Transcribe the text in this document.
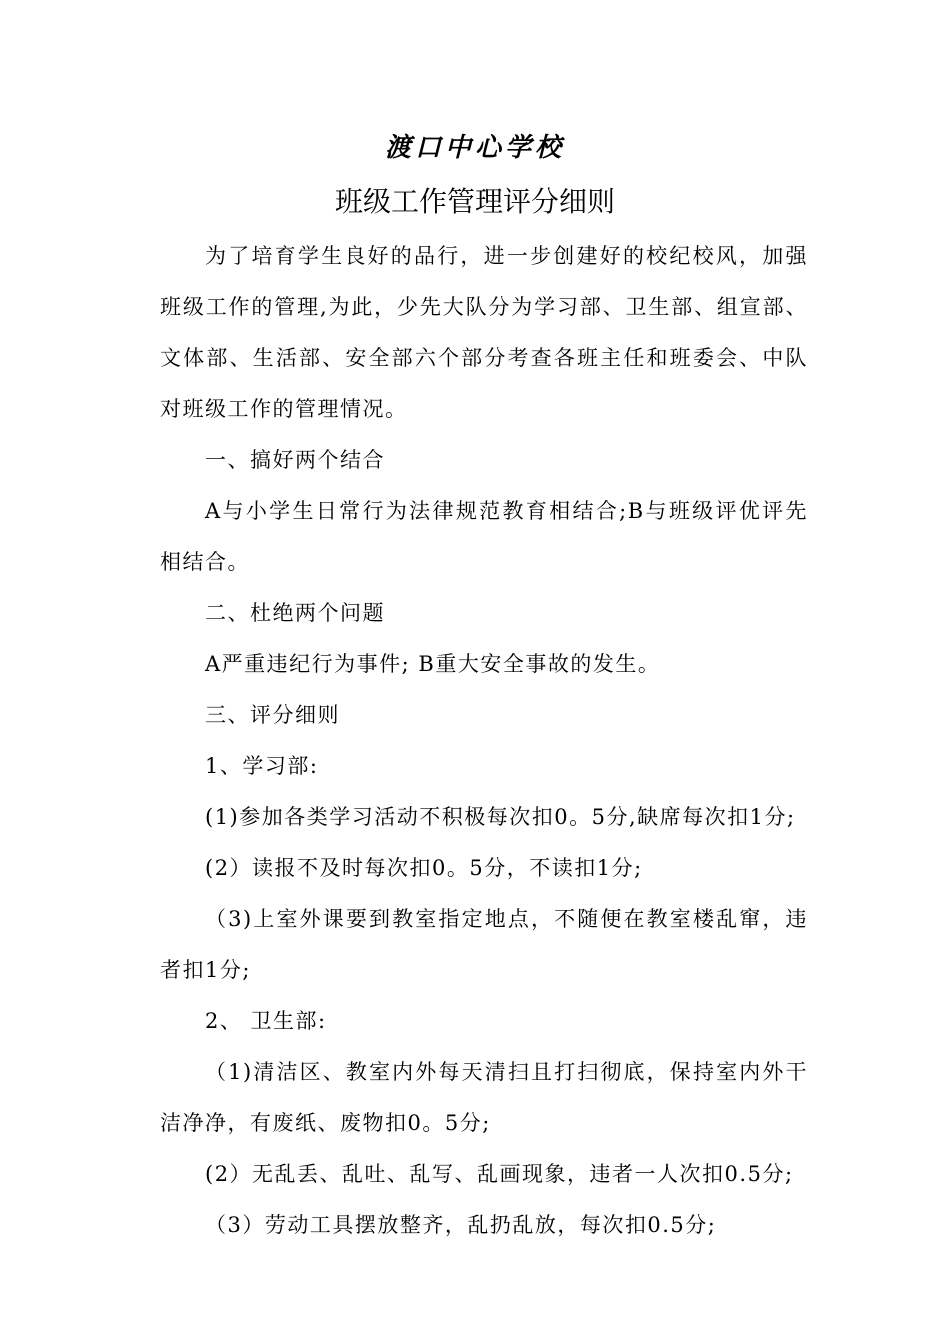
渡口中心学校
班级工作管理评分细则

为了培育学生良好的品行，进一步创建好的校纪校风，加强班级工作的管理,为此，少先大队分为学习部、卫生部、组宣部、文体部、生活部、安全部六个部分考查各班主任和班委会、中队对班级工作的管理情况。

一、搞好两个结合

A与小学生日常行为法律规范教育相结合;B与班级评优评先相结合。

二、杜绝两个问题

A严重违纪行为事件; B重大安全事故的发生。

三、评分细则

1、学习部:

(1)参加各类学习活动不积极每次扣0。5分,缺席每次扣1分;

(2）读报不及时每次扣0。5分，不读扣1分;

（3)上室外课要到教室指定地点，不随便在教室楼乱窜，违者扣1分;

2、 卫生部:

（1)清洁区、教室内外每天清扫且打扫彻底，保持室内外干洁净净，有废纸、废物扣0。5分;

(2）无乱丢、乱吐、乱写、乱画现象，违者一人次扣0.5分;

（3）劳动工具摆放整齐，乱扔乱放，每次扣0.5分;
